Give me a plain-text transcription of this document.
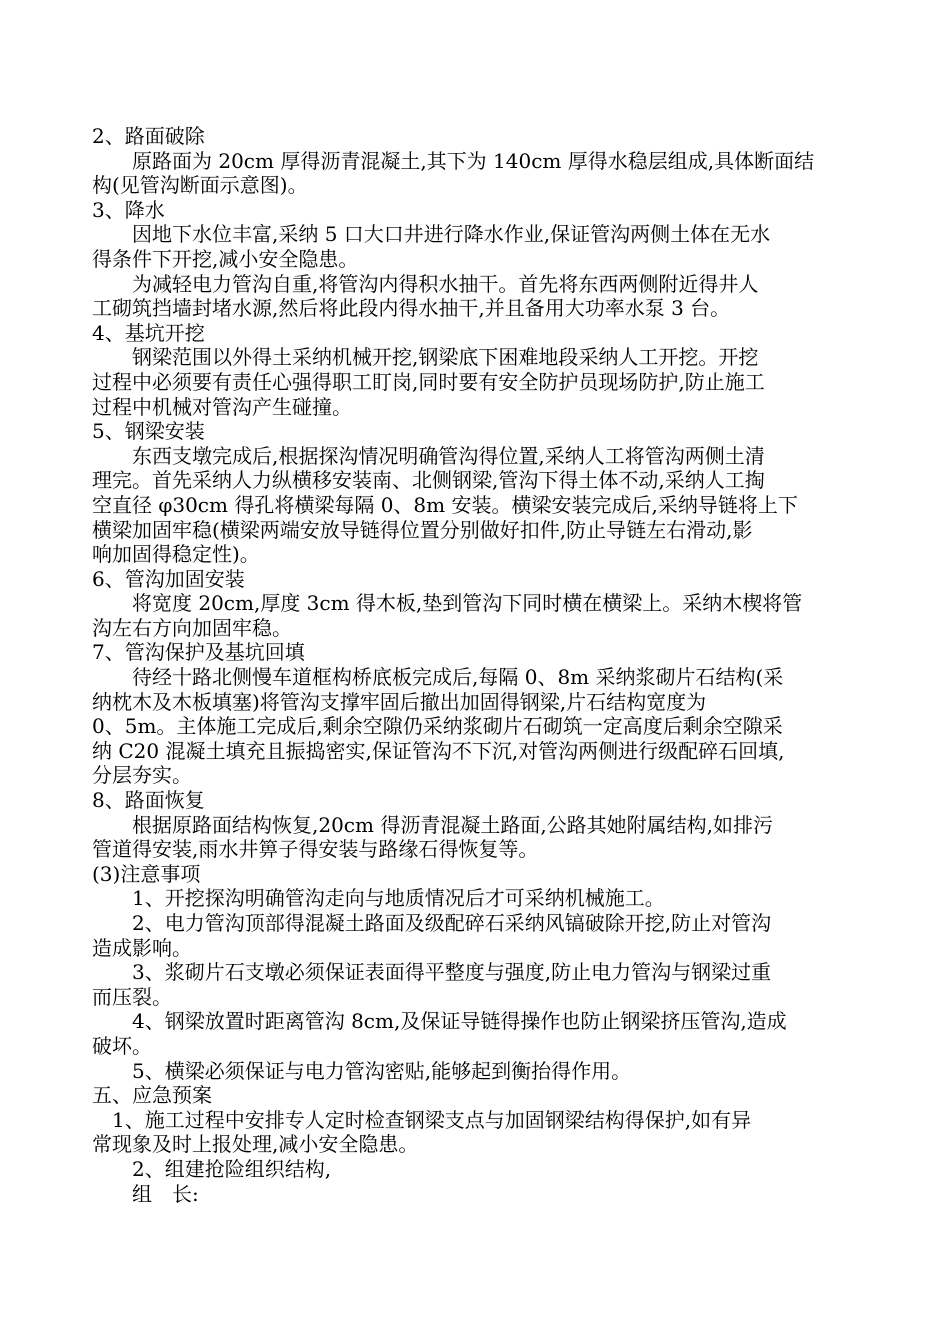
2、路面破除
原路面为 20cm 厚得沥青混凝土,其下为 140cm 厚得水稳层组成,具体断面结
构(见管沟断面示意图)。
3、降水
因地下水位丰富,采纳 5 口大口井进行降水作业,保证管沟两侧土体在无水
得条件下开挖,减小安全隐患。
为减轻电力管沟自重,将管沟内得积水抽干。首先将东西两侧附近得井人
工砌筑挡墙封堵水源,然后将此段内得水抽干,并且备用大功率水泵 3 台。
4、基坑开挖
钢梁范围以外得土采纳机械开挖,钢梁底下困难地段采纳人工开挖。开挖
过程中必须要有责任心强得职工盯岗,同时要有安全防护员现场防护,防止施工
过程中机械对管沟产生碰撞。
5、钢梁安装
东西支墩完成后,根据探沟情况明确管沟得位置,采纳人工将管沟两侧土清
理完。首先采纳人力纵横移安装南、北侧钢梁,管沟下得土体不动,采纳人工掏
空直径 φ30cm 得孔将横梁每隔 0、8m 安装。横梁安装完成后,采纳导链将上下
横梁加固牢稳(横梁两端安放导链得位置分别做好扣件,防止导链左右滑动,影
响加固得稳定性)。
6、管沟加固安装
将宽度 20cm,厚度 3cm 得木板,垫到管沟下同时横在横梁上。采纳木楔将管
沟左右方向加固牢稳。
7、管沟保护及基坑回填
待经十路北侧慢车道框构桥底板完成后,每隔 0、8m 采纳浆砌片石结构(采
纳枕木及木板填塞)将管沟支撑牢固后撤出加固得钢梁,片石结构宽度为
0、5m。主体施工完成后,剩余空隙仍采纳浆砌片石砌筑一定高度后剩余空隙采
纳 C20 混凝土填充且振捣密实,保证管沟不下沉,对管沟两侧进行级配碎石回填,
分层夯实。
8、路面恢复
根据原路面结构恢复,20cm 得沥青混凝土路面,公路其她附属结构,如排污
管道得安装,雨水井箅子得安装与路缘石得恢复等。
(3)注意事项
1、开挖探沟明确管沟走向与地质情况后才可采纳机械施工。
2、电力管沟顶部得混凝土路面及级配碎石采纳风镐破除开挖,防止对管沟
造成影响。
3、浆砌片石支墩必须保证表面得平整度与强度,防止电力管沟与钢梁过重
而压裂。
4、钢梁放置时距离管沟 8cm,及保证导链得操作也防止钢梁挤压管沟,造成
破坏。
5、横梁必须保证与电力管沟密贴,能够起到衡抬得作用。
五、应急预案
1、施工过程中安排专人定时检查钢梁支点与加固钢梁结构得保护,如有异
常现象及时上报处理,减小安全隐患。
2、组建抢险组织结构,
组　长:
